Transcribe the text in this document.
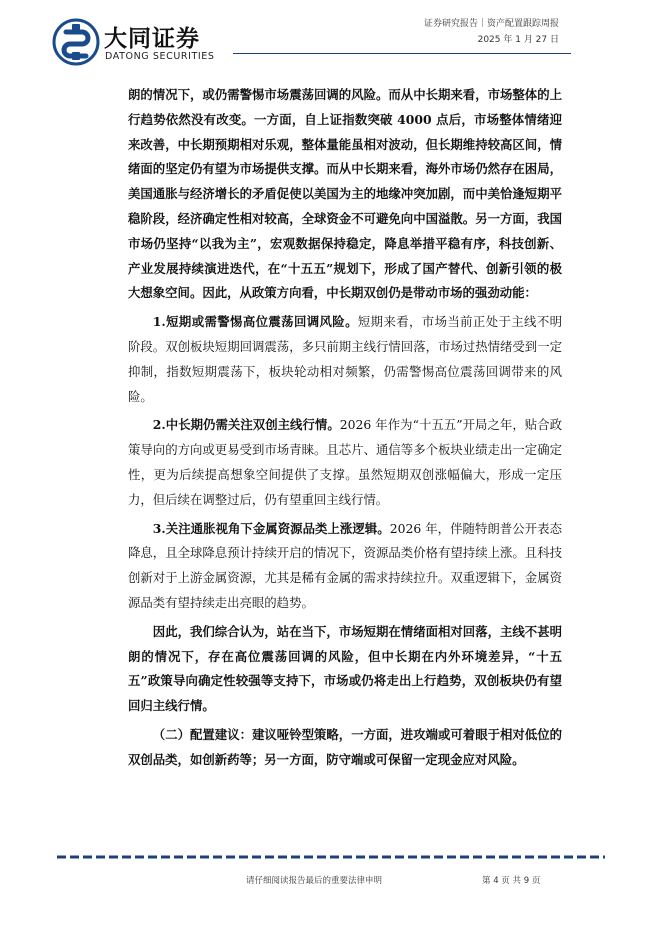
大同证券
DATONG SECURITIES
证券研究报告｜资产配置跟踪周报
2025 年 1 月 27 日

朗的情况下，或仍需警惕市场震荡回调的风险。而从中长期来看，市场整体的上行趋势依然没有改变。一方面，自上证指数突破 4000 点后，市场整体情绪迎来改善，中长期预期相对乐观，整体量能虽相对波动，但长期维持较高区间，情绪面的坚定仍有望为市场提供支撑。而从中长期来看，海外市场仍然存在困局，美国通胀与经济增长的矛盾促使以美国为主的地缘冲突加剧，而中美恰逢短期平稳阶段，经济确定性相对较高，全球资金不可避免向中国溢散。另一方面，我国市场仍坚持“以我为主”，宏观数据保持稳定，降息举措平稳有序，科技创新、产业发展持续演进迭代，在“十五五”规划下，形成了国产替代、创新引领的极大想象空间。因此，从政策方向看，中长期双创仍是带动市场的强劲动能：

1.短期或需警惕高位震荡回调风险。短期来看，市场当前正处于主线不明阶段。双创板块短期回调震荡，多只前期主线行情回落，市场过热情绪受到一定抑制，指数短期震荡下，板块轮动相对频繁，仍需警惕高位震荡回调带来的风险。

2.中长期仍需关注双创主线行情。2026 年作为“十五五”开局之年，贴合政策导向的方向或更易受到市场青睐。且芯片、通信等多个板块业绩走出一定确定性，更为后续提高想象空间提供了支撑。虽然短期双创涨幅偏大，形成一定压力，但后续在调整过后，仍有望重回主线行情。

3.关注通胀视角下金属资源品类上涨逻辑。2026 年，伴随特朗普公开表态降息，且全球降息预计持续开启的情况下，资源品类价格有望持续上涨。且科技创新对于上游金属资源，尤其是稀有金属的需求持续拉升。双重逻辑下，金属资源品类有望持续走出亮眼的趋势。

因此，我们综合认为，站在当下，市场短期在情绪面相对回落，主线不甚明朗的情况下，存在高位震荡回调的风险，但中长期在内外环境差异，“十五五”政策导向确定性较强等支持下，市场或仍将走出上行趋势，双创板块仍有望回归主线行情。

（二）配置建议：建议哑铃型策略，一方面，进攻端或可着眼于相对低位的双创品类，如创新药等；另一方面，防守端或可保留一定现金应对风险。

请仔细阅读报告最后的重要法律申明	第 4 页 共 9 页
